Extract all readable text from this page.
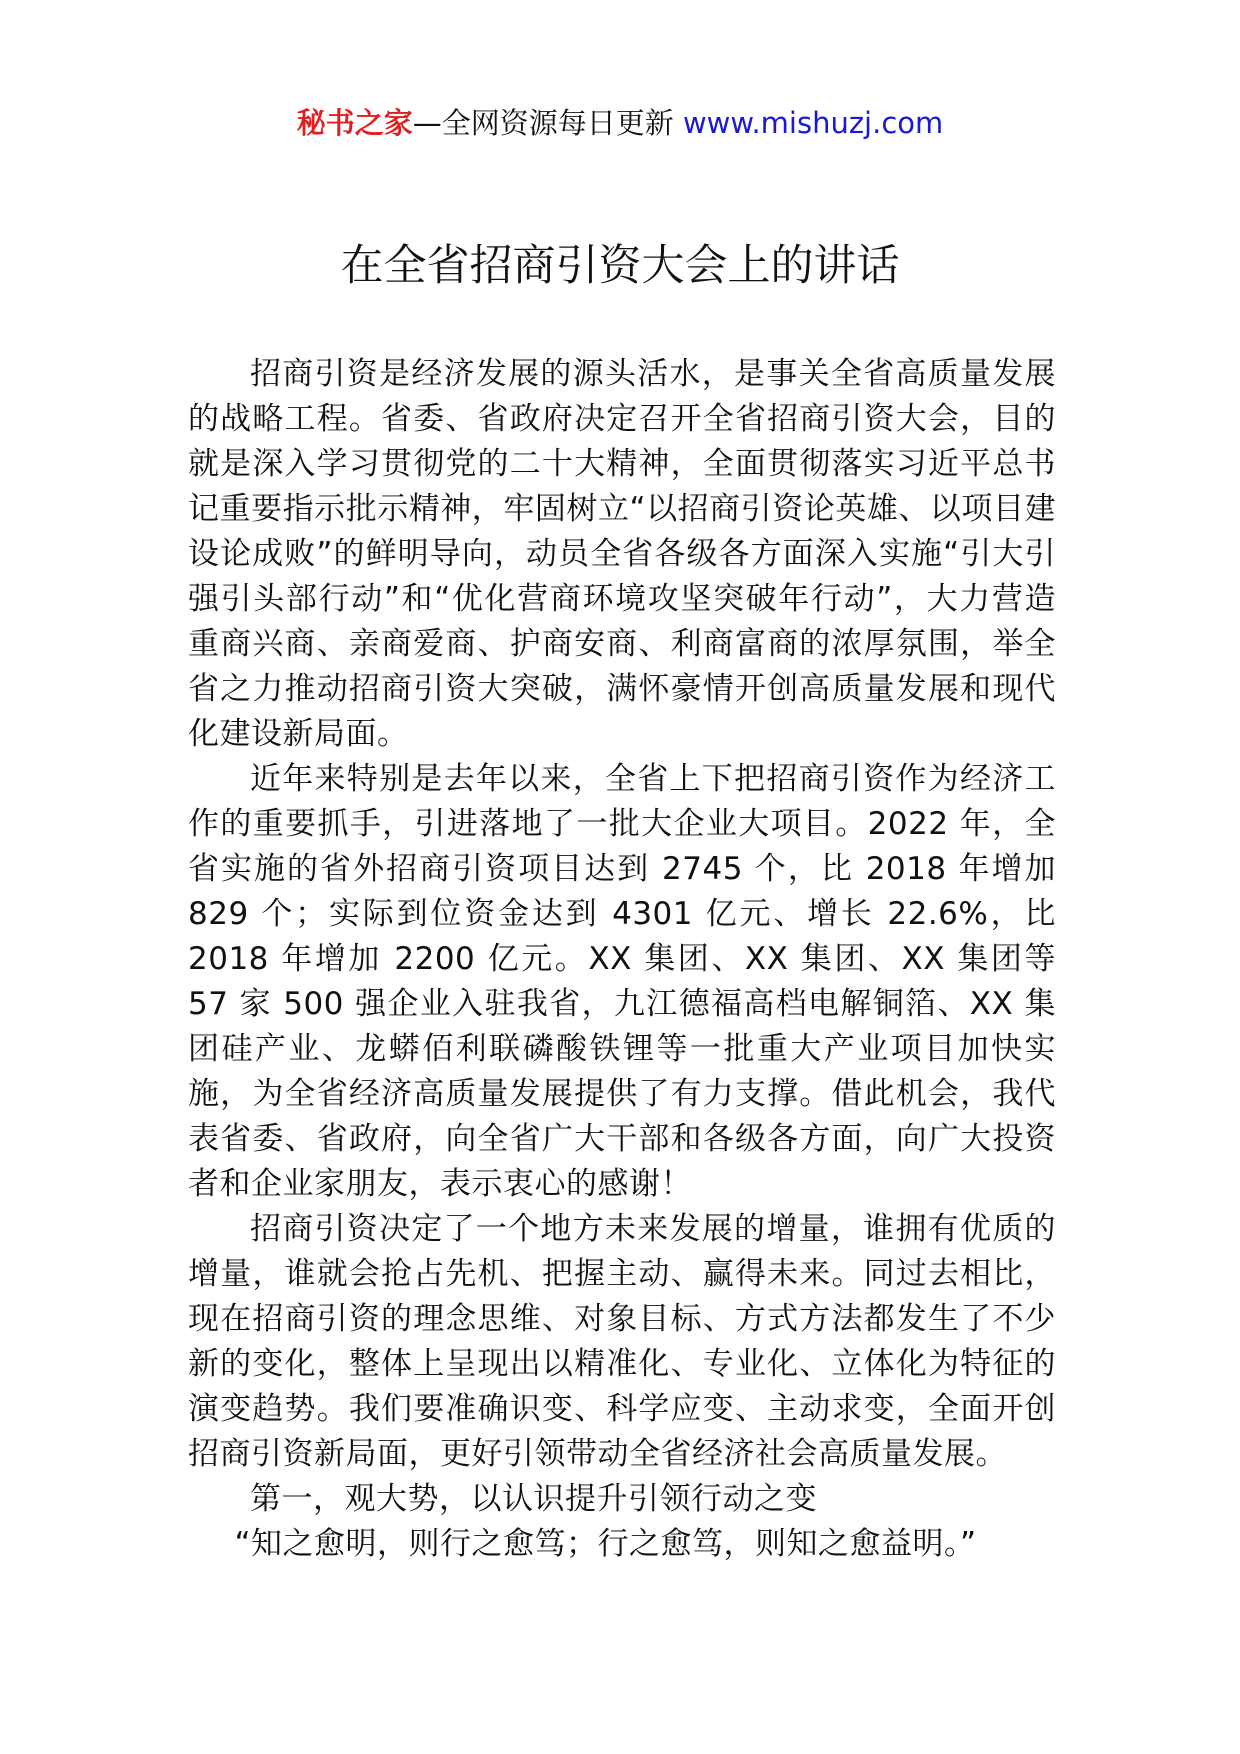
秘书之家—全网资源每日更新 www.mishuzj.com
在全省招商引资大会上的讲话

招商引资是经济发展的源头活水，是事关全省高质量发展的战略工程。省委、省政府决定召开全省招商引资大会，目的就是深入学习贯彻党的二十大精神，全面贯彻落实习近平总书记重要指示批示精神，牢固树立“以招商引资论英雄、以项目建设论成败”的鲜明导向，动员全省各级各方面深入实施“引大引强引头部行动”和“优化营商环境攻坚突破年行动”，大力营造重商兴商、亲商爱商、护商安商、利商富商的浓厚氛围，举全省之力推动招商引资大突破，满怀豪情开创高质量发展和现代化建设新局面。

近年来特别是去年以来，全省上下把招商引资作为经济工作的重要抓手，引进落地了一批大企业大项目。2022 年，全省实施的省外招商引资项目达到 2745 个，比 2018 年增加 829 个；实际到位资金达到 4301 亿元、增长 22.6%，比 2018 年增加 2200 亿元。XX 集团、XX 集团、XX 集团等 57 家 500 强企业入驻我省，九江德福高档电解铜箔、XX 集团硅产业、龙蟒佰利联磷酸铁锂等一批重大产业项目加快实施，为全省经济高质量发展提供了有力支撑。借此机会，我代表省委、省政府，向全省广大干部和各级各方面，向广大投资者和企业家朋友，表示衷心的感谢！

招商引资决定了一个地方未来发展的增量，谁拥有优质的增量，谁就会抢占先机、把握主动、赢得未来。同过去相比，现在招商引资的理念思维、对象目标、方式方法都发生了不少新的变化，整体上呈现出以精准化、专业化、立体化为特征的演变趋势。我们要准确识变、科学应变、主动求变，全面开创招商引资新局面，更好引领带动全省经济社会高质量发展。

第一，观大势，以认识提升引领行动之变

“知之愈明，则行之愈笃；行之愈笃，则知之愈益明。”
